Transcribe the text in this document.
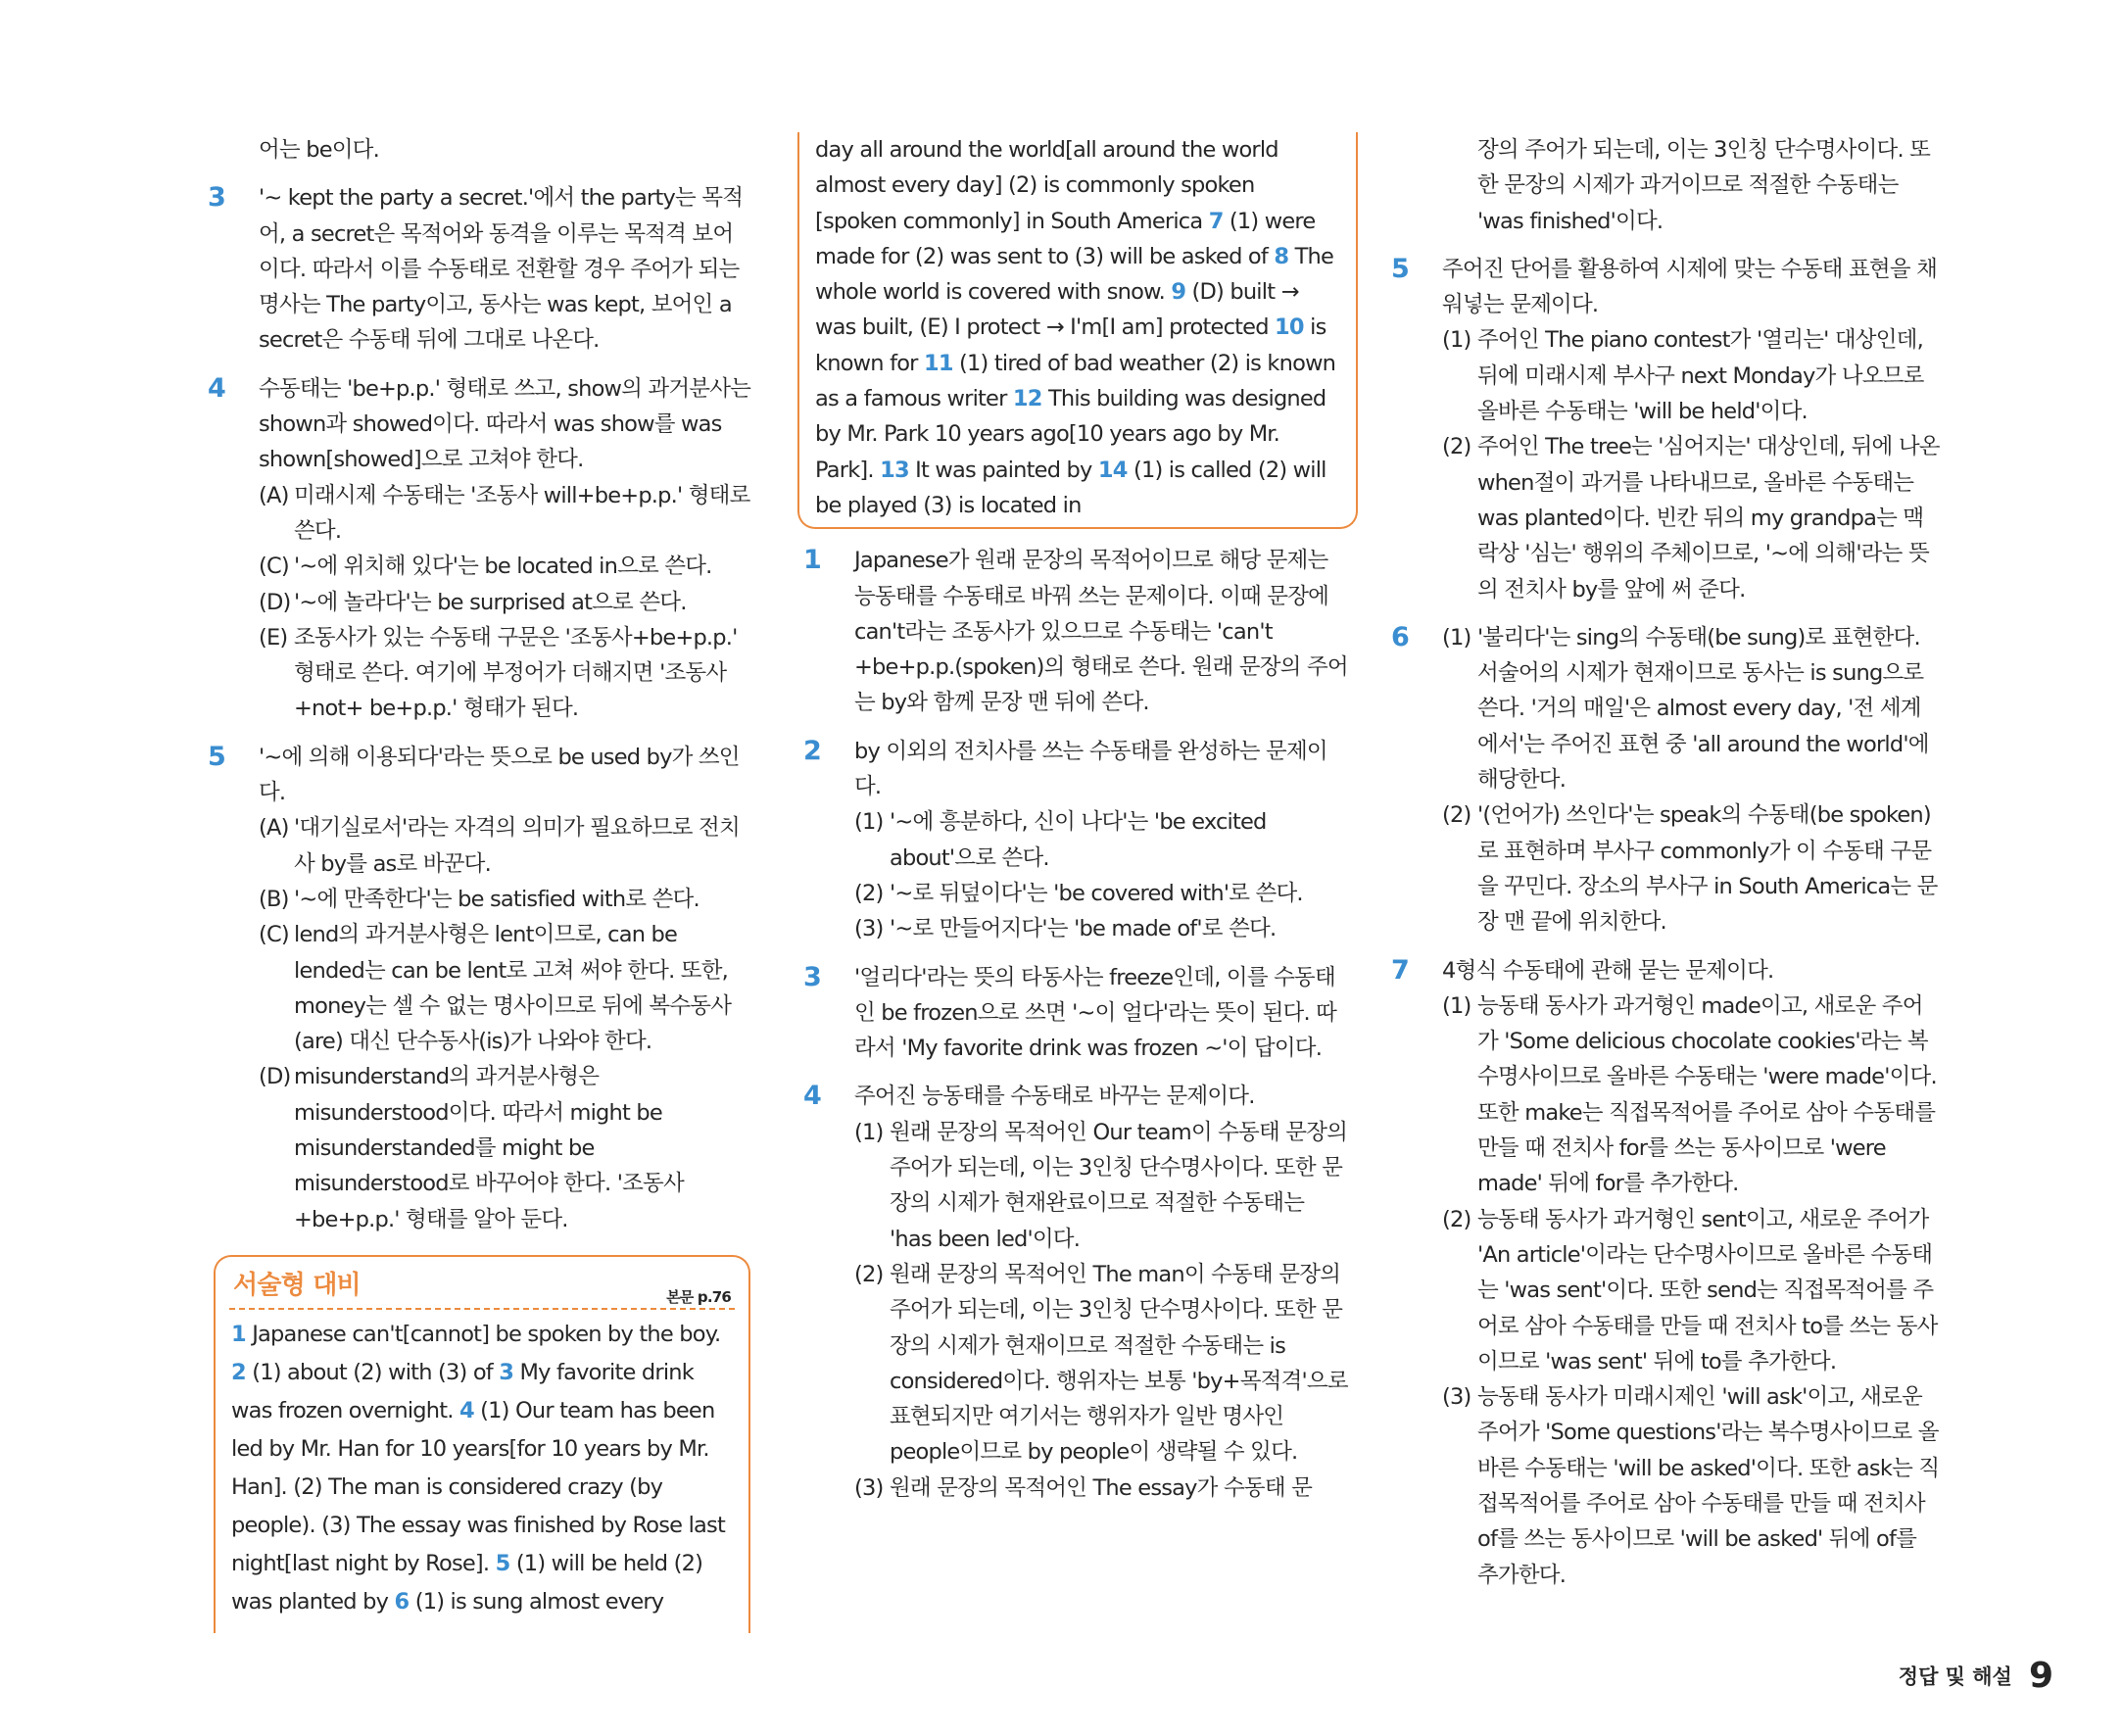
어는 be이다.
3 '~ kept the party a secret.'에서 the party는 목적어, a secret은 목적어와 동격을 이루는 목적격 보어이다. 따라서 이를 수동태로 전환할 경우 주어가 되는 명사는 The party이고, 동사는 was kept, 보어인 a secret은 수동태 뒤에 그대로 나온다.
4 수동태는 'be+p.p.' 형태로 쓰고, show의 과거분사는 shown과 showed이다. 따라서 was show를 was shown[showed]으로 고쳐야 한다.
(A) 미래시제 수동태는 '조동사 will+be+p.p.' 형태로 쓴다.
(C) '~에 위치해 있다'는 be located in으로 쓴다.
(D) '~에 놀라다'는 be surprised at으로 쓴다.
(E) 조동사가 있는 수동태 구문은 '조동사+be+p.p.' 형태로 쓴다. 여기에 부정어가 더해지면 '조동사+not+ be+p.p.' 형태가 된다.
5 '~에 의해 이용되다'라는 뜻으로 be used by가 쓰인다.
(A) '대기실로서'라는 자격의 의미가 필요하므로 전치사 by를 as로 바꾼다.
(B) '~에 만족한다'는 be satisfied with로 쓴다.
(C) lend의 과거분사형은 lent이므로, can be lended는 can be lent로 고쳐 써야 한다. 또한, money는 셀 수 없는 명사이므로 뒤에 복수동사 (are) 대신 단수동사(is)가 나와야 한다.
(D) misunderstand의 과거분사형은 misunderstood이다. 따라서 might be misunderstanded를 might be misunderstood로 바꾸어야 한다. '조동사+be+p.p.' 형태를 알아 둔다.
서술형 대비	본문 p.76
1 Japanese can't[cannot] be spoken by the boy. 2 (1) about (2) with (3) of 3 My favorite drink was frozen overnight. 4 (1) Our team has been led by Mr. Han for 10 years[for 10 years by Mr. Han]. (2) The man is considered crazy (by people). (3) The essay was finished by Rose last night[last night by Rose]. 5 (1) will be held (2) was planted by 6 (1) is sung almost every
day all around the world[all around the world almost every day] (2) is commonly spoken [spoken commonly] in South America 7 (1) were made for (2) was sent to (3) will be asked of 8 The whole world is covered with snow. 9 (D) built → was built, (E) I protect → I'm[I am] protected 10 is known for 11 (1) tired of bad weather (2) is known as a famous writer 12 This building was designed by Mr. Park 10 years ago[10 years ago by Mr. Park]. 13 It was painted by 14 (1) is called (2) will be played (3) is located in
1 Japanese가 원래 문장의 목적어이므로 해당 문제는 능동태를 수동태로 바꿔 쓰는 문제이다. 이때 문장에 can't라는 조동사가 있으므로 수동태는 'can't +be+p.p.(spoken)의 형태로 쓴다. 원래 문장의 주어는 by와 함께 문장 맨 뒤에 쓴다.
2 by 이외의 전치사를 쓰는 수동태를 완성하는 문제이다.
(1) '~에 흥분하다, 신이 나다'는 'be excited about'으로 쓴다.
(2) '~로 뒤덮이다'는 'be covered with'로 쓴다.
(3) '~로 만들어지다'는 'be made of'로 쓴다.
3 '얼리다'라는 뜻의 타동사는 freeze인데, 이를 수동태인 be frozen으로 쓰면 '~이 얼다'라는 뜻이 된다. 따라서 'My favorite drink was frozen ~'이 답이다.
4 주어진 능동태를 수동태로 바꾸는 문제이다.
(1) 원래 문장의 목적어인 Our team이 수동태 문장의 주어가 되는데, 이는 3인칭 단수명사이다. 또한 문장의 시제가 현재완료이므로 적절한 수동태는 'has been led'이다.
(2) 원래 문장의 목적어인 The man이 수동태 문장의 주어가 되는데, 이는 3인칭 단수명사이다. 또한 문장의 시제가 현재이므로 적절한 수동태는 is considered이다. 행위자는 보통 'by+목적격'으로 표현되지만 여기서는 행위자가 일반 명사인 people이므로 by people이 생략될 수 있다.
(3) 원래 문장의 목적어인 The essay가 수동태 문
장의 주어가 되는데, 이는 3인칭 단수명사이다. 또한 문장의 시제가 과거이므로 적절한 수동태는 'was finished'이다.
5 주어진 단어를 활용하여 시제에 맞는 수동태 표현을 채워넣는 문제이다.
(1) 주어인 The piano contest가 '열리는' 대상인데, 뒤에 미래시제 부사구 next Monday가 나오므로 올바른 수동태는 'will be held'이다.
(2) 주어인 The tree는 '심어지는' 대상인데, 뒤에 나온 when절이 과거를 나타내므로, 올바른 수동태는 was planted이다. 빈칸 뒤의 my grandpa는 맥락상 '심는' 행위의 주체이므로, '~에 의해'라는 뜻의 전치사 by를 앞에 써 준다.
6 (1) '불리다'는 sing의 수동태(be sung)로 표현한다. 서술어의 시제가 현재이므로 동사는 is sung으로 쓴다. '거의 매일'은 almost every day, '전 세계에서'는 주어진 표현 중 'all around the world'에 해당한다.
(2) '(언어가) 쓰인다'는 speak의 수동태(be spoken)로 표현하며 부사구 commonly가 이 수동태 구문을 꾸민다. 장소의 부사구 in South America는 문장 맨 끝에 위치한다.
7 4형식 수동태에 관해 묻는 문제이다.
(1) 능동태 동사가 과거형인 made이고, 새로운 주어가 'Some delicious chocolate cookies'라는 복수명사이므로 올바른 수동태는 'were made'이다. 또한 make는 직접목적어를 주어로 삼아 수동태를 만들 때 전치사 for를 쓰는 동사이므로 'were made' 뒤에 for를 추가한다.
(2) 능동태 동사가 과거형인 sent이고, 새로운 주어가 'An article'이라는 단수명사이므로 올바른 수동태는 'was sent'이다. 또한 send는 직접목적어를 주어로 삼아 수동태를 만들 때 전치사 to를 쓰는 동사이므로 'was sent' 뒤에 to를 추가한다.
(3) 능동태 동사가 미래시제인 'will ask'이고, 새로운 주어가 'Some questions'라는 복수명사이므로 올바른 수동태는 'will be asked'이다. 또한 ask는 직접목적어를 주어로 삼아 수동태를 만들 때 전치사 of를 쓰는 동사이므로 'will be asked' 뒤에 of를 추가한다.
정답 및 해설 9
